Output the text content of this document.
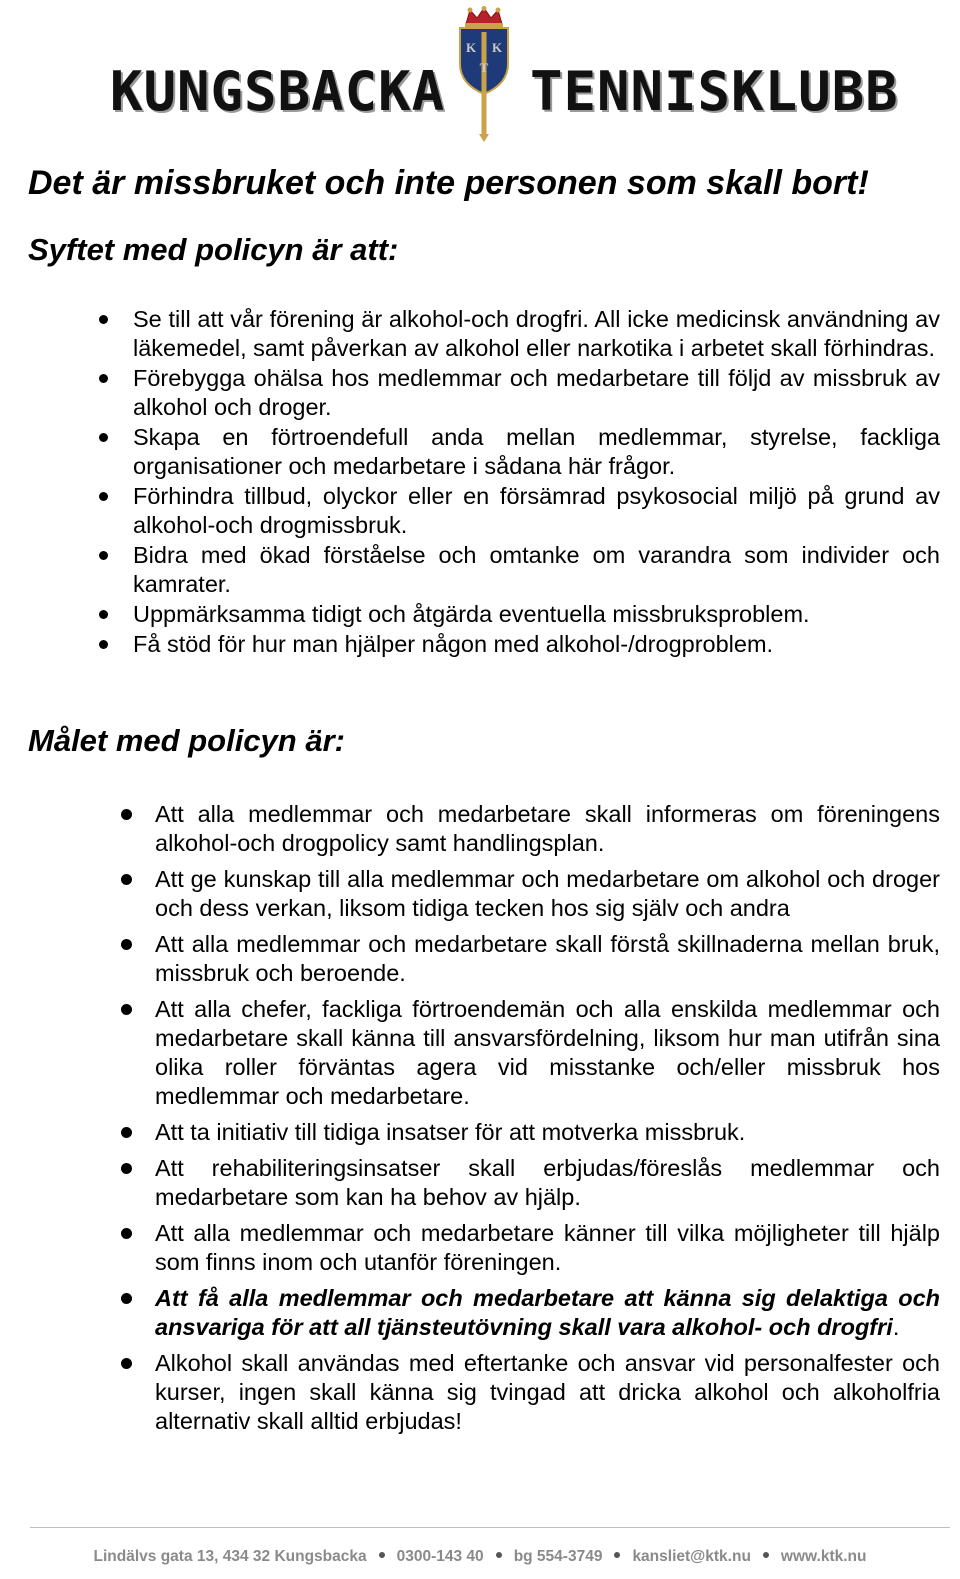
KUNGSBACKA
K K
T TENNISKLUBB
Det är missbruket och inte personen som skall bort!
Syftet med policyn är att:
Se till att vår förening är alkohol-och drogfri. All icke medicinsk användning av läkemedel, samt påverkan av alkohol eller narkotika i arbetet skall förhindras.
Förebygga ohälsa hos medlemmar och medarbetare till följd av missbruk av alkohol och droger.
Skapa en förtroendefull anda mellan medlemmar, styrelse, fackliga organisationer och medarbetare i sådana här frågor.
Förhindra tillbud, olyckor eller en försämrad psykosocial miljö på grund av alkohol-och drogmissbruk.
Bidra med ökad förståelse och omtanke om varandra som individer och kamrater.
Uppmärksamma tidigt och åtgärda eventuella missbruksproblem.
Få stöd för hur man hjälper någon med alkohol-/drogproblem.
Målet med policyn är:
Att alla medlemmar och medarbetare skall informeras om föreningens alkohol-och drogpolicy samt handlingsplan.
Att ge kunskap till alla medlemmar och medarbetare om alkohol och droger och dess verkan, liksom tidiga tecken hos sig själv och andra
Att alla medlemmar och medarbetare skall förstå skillnaderna mellan bruk, missbruk och beroende.
Att alla chefer, fackliga förtroendemän och alla enskilda medlemmar och medarbetare skall känna till ansvarsfördelning, liksom hur man utifrån sina olika roller förväntas agera vid misstanke och/eller missbruk hos medlemmar och medarbetare.
Att ta initiativ till tidiga insatser för att motverka missbruk.
Att rehabiliteringsinsatser skall erbjudas/föreslås medlemmar och medarbetare som kan ha behov av hjälp.
Att alla medlemmar och medarbetare känner till vilka möjligheter till hjälp som finns inom och utanför föreningen.
Att få alla medlemmar och medarbetare att känna sig delaktiga och ansvariga för att all tjänsteutövning skall vara alkohol- och drogfri.
Alkohol skall användas med eftertanke och ansvar vid personalfester och kurser, ingen skall känna sig tvingad att dricka alkohol och alkoholfria alternativ skall alltid erbjudas!
Lindälvs gata 13, 434 32 Kungsbacka 0300-143 40 bg 554-3749 kansliet@ktk.nu www.ktk.nu
